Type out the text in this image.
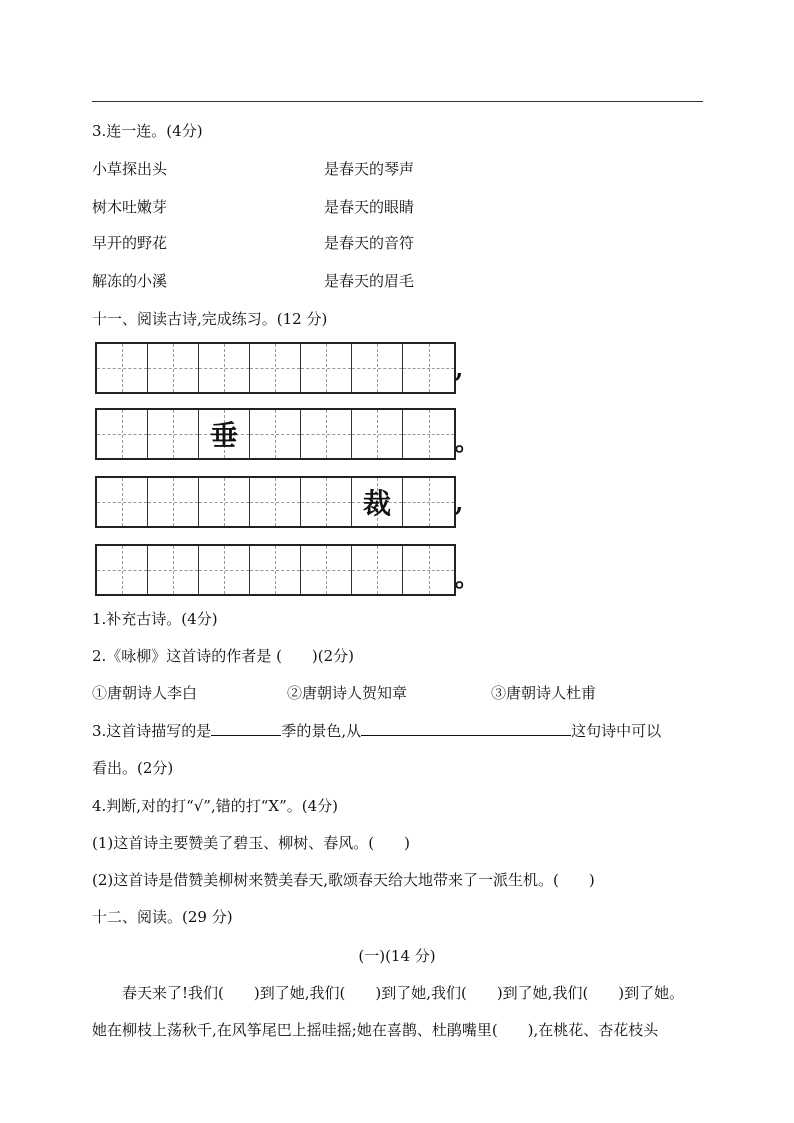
3.连一连。(4分)
小草探出头	是春天的琴声
树木吐嫩芽	是春天的眼睛
早开的野花	是春天的音符
解冻的小溪	是春天的眉毛
十一、阅读古诗,完成练习。(12 分)
,
垂	。
裁	,
。
1.补充古诗。(4分)
2.《咏柳》这首诗的作者是 (　　)(2分)
①唐朝诗人李白	②唐朝诗人贺知章	③唐朝诗人杜甫
3.这首诗描写的是	季的景色,从	这句诗中可以
看出。(2分)
4.判断,对的打“√”,错的打“X”。(4分)
(1)这首诗主要赞美了碧玉、柳树、春风。(　　)
(2)这首诗是借赞美柳树来赞美春天,歌颂春天给大地带来了一派生机。(　　)
十二、阅读。(29 分)
(一)(14 分)
春天来了!我们(　　)到了她,我们(　　)到了她,我们(　　)到了她,我们(　　)到了她。
她在柳枝上荡秋千,在风筝尾巴上摇哇摇;她在喜鹊、杜鹃嘴里(　　),在桃花、杏花枝头
